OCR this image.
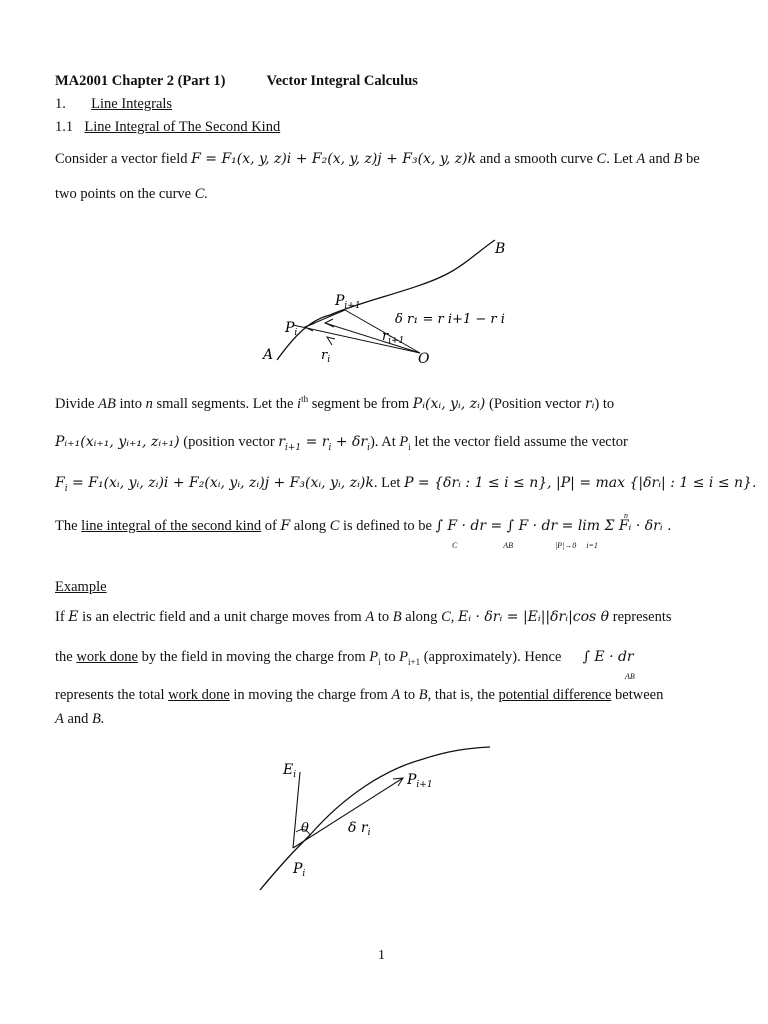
MA2001 Chapter 2 (Part 1)	Vector Integral Calculus
1. Line Integrals
1.1 Line Integral of The Second Kind
Consider a vector field F = F₁(x, y, z)i + F₂(x, y, z)j + F₃(x, y, z)k and a smooth curve C. Let A and B be
two points on the curve C.
B
A	O
$P_{i+1}$
$P_i$
δ r₁ = r i+1 − r i
$r_{i+1}$
$r_i$
Divide AB into n small segments. Let the $i^{th}$ segment be from Pᵢ(xᵢ, yᵢ, zᵢ) (Position vector rᵢ) to
Pᵢ₊₁(xᵢ₊₁, yᵢ₊₁, zᵢ₊₁) (position vector $r_{i+1} = r_i + \delta r_i$). At $P_i$ let the vector field assume the vector
$F_i$ = F₁(xᵢ, yᵢ, zᵢ)i + F₂(xᵢ, yᵢ, zᵢ)j + F₃(xᵢ, yᵢ, zᵢ)k. Let P = {δrᵢ : 1 ≤ i ≤ n}, |P| = max {|δrᵢ| : 1 ≤ i ≤ n}.
The line integral of the second kind of F along C is defined to be ∫ F · dr = ∫ F · dr = lim Σ Fᵢ · δrᵢ .
C	AB	|P|→0 i=1
n
Example
If E is an electric field and a unit charge moves from A to B along C, Eᵢ · δrᵢ = |Eᵢ||δrᵢ|cos θ represents
the work done by the field in moving the charge from $P_i$ to $P_{i+1}$ (approximately). Hence ∫ E · dr
AB
represents the total work done in moving the charge from A to B, that is, the potential difference between
A and B.
$E_i$	$P_{i+1}$
θ	δ $r_i$
$P_i$
1
